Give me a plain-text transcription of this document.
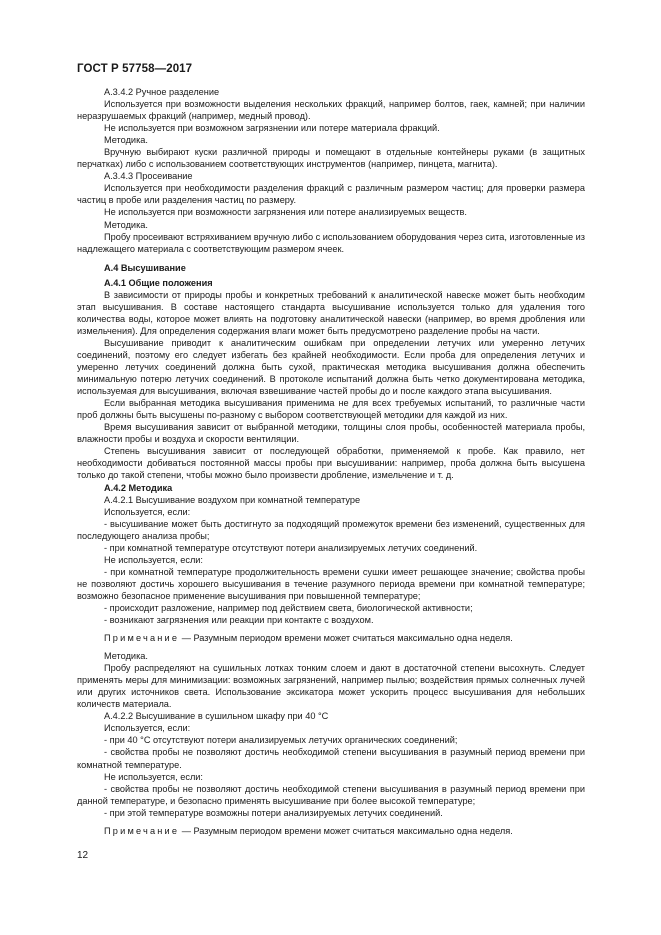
ГОСТ Р 57758—2017

А.3.4.2 Ручное разделение

Используется при возможности выделения нескольких фракций, например болтов, гаек, камней; при наличии неразрушаемых фракций (например, медный провод).

Не используется при возможном загрязнении или потере материала фракций.

Методика.

Вручную выбирают куски различной природы и помещают в отдельные контейнеры руками (в защитных перчатках) либо с использованием соответствующих инструментов (например, пинцета, магнита).

А.3.4.3 Просеивание

Используется при необходимости разделения фракций с различным размером частиц; для проверки размера частиц в пробе или разделения частиц по размеру.

Не используется при возможности загрязнения или потере анализируемых веществ.

Методика.

Пробу просеивают встряхиванием вручную либо с использованием оборудования через сита, изготовленные из надлежащего материала с соответствующим размером ячеек.

А.4 Высушивание

А.4.1 Общие положения

В зависимости от природы пробы и конкретных требований к аналитической навеске может быть необходим этап высушивания. В составе настоящего стандарта высушивание используется только для удаления того количества воды, которое может влиять на подготовку аналитической навески (например, во время дробления или измельчения). Для определения содержания влаги может быть предусмотрено разделение пробы на части.

Высушивание приводит к аналитическим ошибкам при определении летучих или умеренно летучих соединений, поэтому его следует избегать без крайней необходимости. Если проба для определения летучих и умеренно летучих соединений должна быть сухой, практическая методика высушивания должна обеспечить минимальную потерю летучих соединений. В протоколе испытаний должна быть четко документирована методика, используемая для высушивания, включая взвешивание частей пробы до и после каждого этапа высушивания.

Если выбранная методика высушивания применима не для всех требуемых испытаний, то различные части проб должны быть высушены по-разному с выбором соответствующей методики для каждой из них.

Время высушивания зависит от выбранной методики, толщины слоя пробы, особенностей материала пробы, влажности пробы и воздуха и скорости вентиляции.

Степень высушивания зависит от последующей обработки, применяемой к пробе. Как правило, нет необходимости добиваться постоянной массы пробы при высушивании: например, проба должна быть высушена только до такой степени, чтобы можно было произвести дробление, измельчение и т. д.

А.4.2 Методика

А.4.2.1 Высушивание воздухом при комнатной температуре

Используется, если:

- высушивание может быть достигнуто за подходящий промежуток времени без изменений, существенных для последующего анализа пробы;

- при комнатной температуре отсутствуют потери анализируемых летучих соединений.

Не используется, если:

- при комнатной температуре продолжительность времени сушки имеет решающее значение; свойства пробы не позволяют достичь хорошего высушивания в течение разумного периода времени при комнатной температуре; возможно безопасное применение высушивания при повышенной температуре;

- происходит разложение, например под действием света, биологической активности;

- возникают загрязнения или реакции при контакте с воздухом.

Примечание — Разумным периодом времени может считаться максимально одна неделя.

Методика.

Пробу распределяют на сушильных лотках тонким слоем и дают в достаточной степени высохнуть. Следует применять меры для минимизации: возможных загрязнений, например пылью; воздействия прямых солнечных лучей или других источников света. Использование эксикатора может ускорить процесс высушивания для небольших количеств материала.

А.4.2.2 Высушивание в сушильном шкафу при 40 °С

Используется, если:

- при 40 °С отсутствуют потери анализируемых летучих органических соединений;

- свойства пробы не позволяют достичь необходимой степени высушивания в разумный период времени при комнатной температуре.

Не используется, если:

- свойства пробы не позволяют достичь необходимой степени высушивания в разумный период времени при данной температуре, и безопасно применять высушивание при более высокой температуре;

- при этой температуре возможны потери анализируемых летучих соединений.

Примечание — Разумным периодом времени может считаться максимально одна неделя.

12
